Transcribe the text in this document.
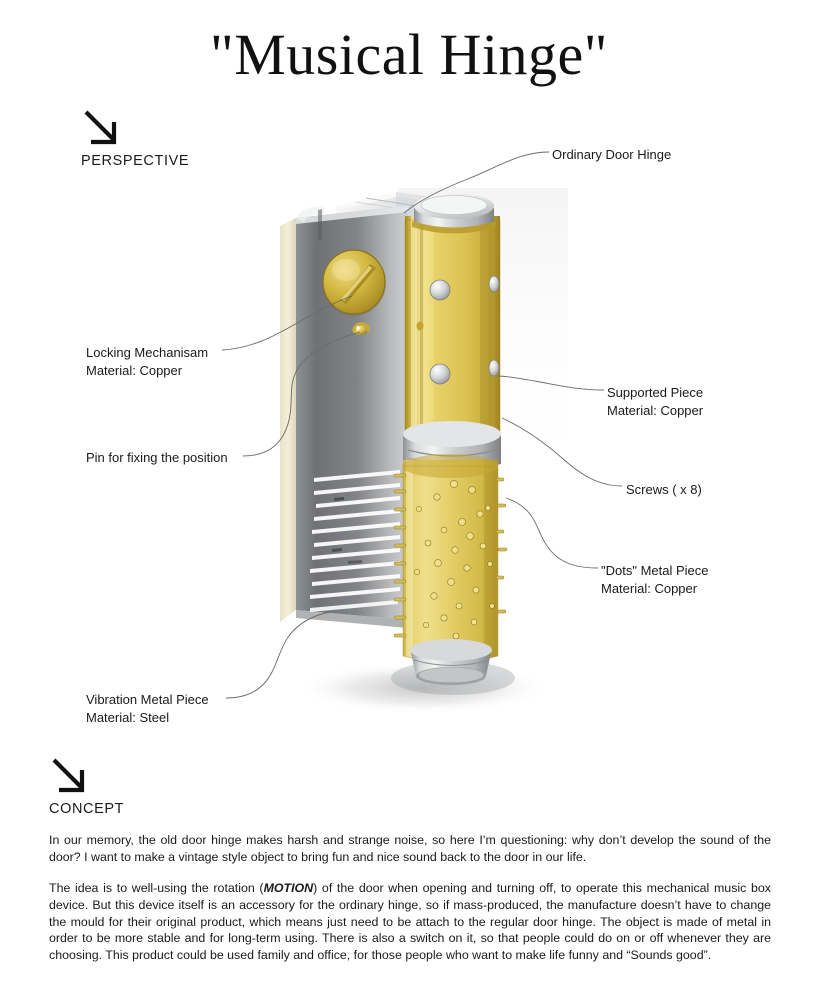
"Musical Hinge"
PERSPECTIVE
CONCEPT
Ordinary Door Hinge
Locking Mechanisam
Material: Copper
Pin for fixing the position
Supported Piece
Material: Copper
Screws ( x 8)
"Dots" Metal Piece
Material: Copper
Vibration Metal Piece
Material: Steel

In our memory, the old door hinge makes harsh and strange noise, so here I’m questioning: why don’t develop the sound of the door? I want to make a vintage style object to bring fun and nice sound back to the door in our life.

The idea is to well-using the rotation (MOTION) of the door when opening and turning off, to operate this mechanical music box device. But this device itself is an accessory for the ordinary hinge, so if mass-produced, the manufacture doesn’t have to change the mould for their original product, which means just need to be attach to the regular door hinge. The object is made of metal in order to be more stable and for long-term using. There is also a switch on it, so that people could do on or off whenever they are choosing. This product could be used family and office, for those people who want to make life funny and “Sounds good”.
